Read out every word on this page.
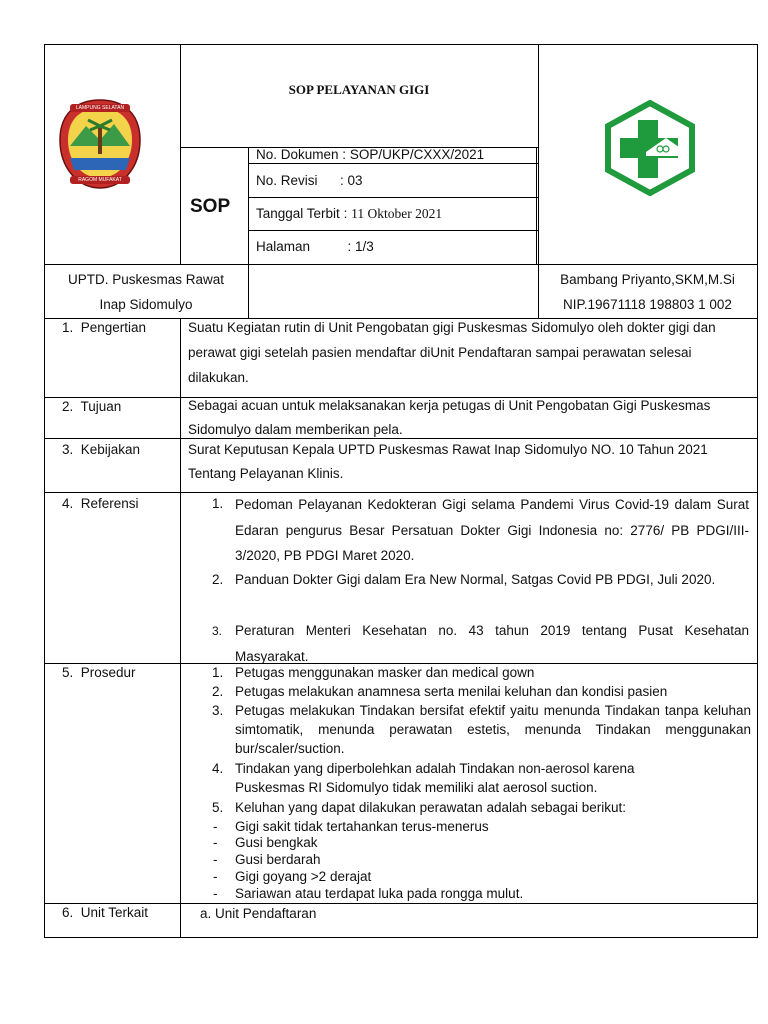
LAMPUNG SELATAN
RAGOM MUFAKAT
SOP PELAYANAN GIGI
SOP
No. Dokumen : SOP/UKP/CXXX/2021
No. Revisi      : 03
Tanggal Terbit : 11 Oktober 2021
Halaman          : 1/3
UPTD. Puskesmas Rawat
Inap Sidomulyo
Bambang Priyanto,SKM,M.Si
NIP.19671118 198803 1 002
1.  Pengertian	Suatu Kegiatan rutin di Unit Pengobatan gigi Puskesmas Sidomulyo oleh dokter gigi dan perawat gigi setelah pasien mendaftar diUnit Pendaftaran sampai perawatan selesai dilakukan.
2.  Tujuan	Sebagai acuan untuk melaksanakan kerja petugas di Unit Pengobatan Gigi Puskesmas Sidomulyo dalam memberikan pela.
3.  Kebijakan	Surat Keputusan Kepala UPTD Puskesmas Rawat Inap Sidomulyo NO. 10 Tahun 2021 Tentang Pelayanan Klinis.
4.  Referensi	1. Pedoman Pelayanan Kedokteran Gigi selama Pandemi Virus Covid-19 dalam Surat Edaran pengurus Besar Persatuan Dokter Gigi Indonesia no: 2776/ PB PDGI/III-3/2020, PB PDGI Maret 2020.
2. Panduan Dokter Gigi dalam Era New Normal, Satgas Covid PB PDGI, Juli 2020.
3. Peraturan Menteri Kesehatan no. 43 tahun 2019 tentang Pusat Kesehatan Masyarakat.
5.  Prosedur	1. Petugas menggunakan masker dan medical gown
2. Petugas melakukan anamnesa serta menilai keluhan dan kondisi pasien
3. Petugas melakukan Tindakan bersifat efektif yaitu menunda Tindakan tanpa keluhan simtomatik, menunda perawatan estetis, menunda Tindakan menggunakan bur/scaler/suction.
4. Tindakan yang diperbolehkan adalah Tindakan non-aerosol karena Puskesmas RI Sidomulyo tidak memiliki alat aerosol suction.
5. Keluhan yang dapat dilakukan perawatan adalah sebagai berikut:
- Gigi sakit tidak tertahankan terus-menerus
- Gusi bengkak
- Gusi berdarah
- Gigi goyang >2 derajat
- Sariawan atau terdapat luka pada rongga mulut.
6.  Unit Terkait	a. Unit Pendaftaran
